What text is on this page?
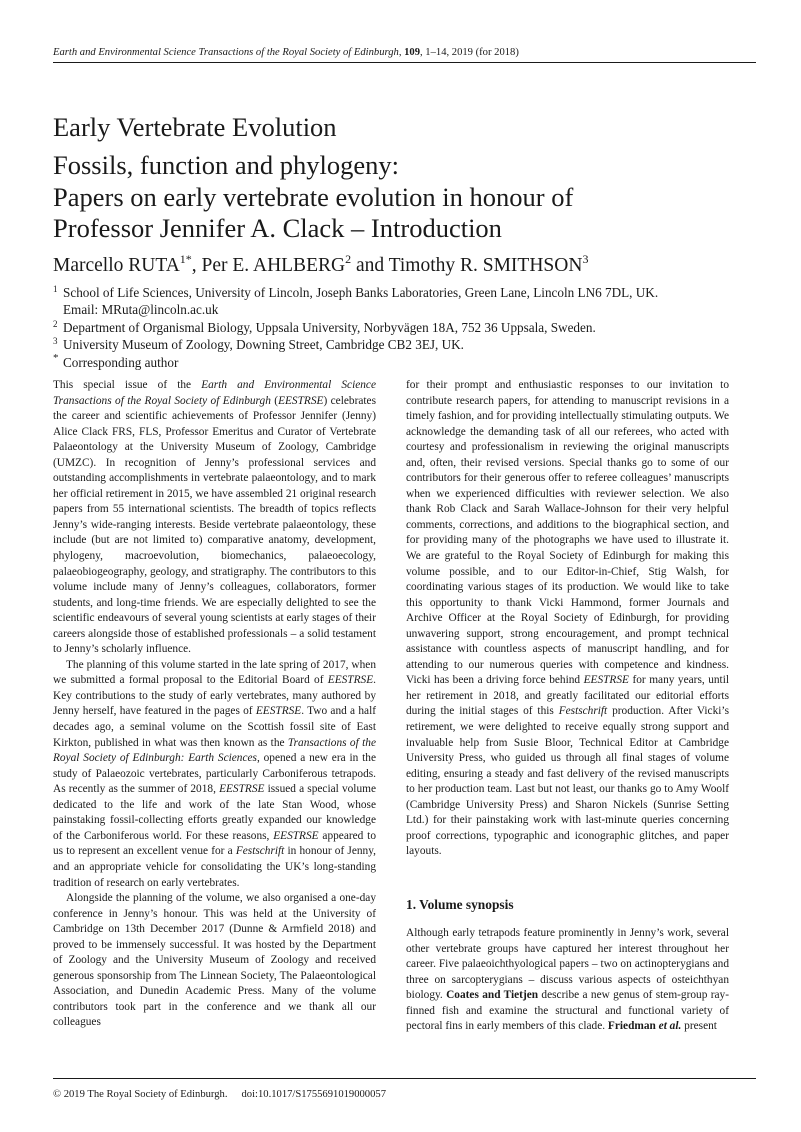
Earth and Environmental Science Transactions of the Royal Society of Edinburgh, 109, 1–14, 2019 (for 2018)
Early Vertebrate Evolution
Fossils, function and phylogeny:
Papers on early vertebrate evolution in honour of
Professor Jennifer A. Clack – Introduction
Marcello $RUTA^{1*}$, Per E. AHLBERG$^2$ and Timothy R. SMITHSON$^3$
1 School of Life Sciences, University of Lincoln, Joseph Banks Laboratories, Green Lane, Lincoln LN6 7DL, UK.
Email: MRuta@lincoln.ac.uk
2 Department of Organismal Biology, Uppsala University, Norbyvägen 18A, 752 36 Uppsala, Sweden.
3 University Museum of Zoology, Downing Street, Cambridge CB2 3EJ, UK.
* Corresponding author

This special issue of the Earth and Environmental Science Transactions of the Royal Society of Edinburgh (EESTRSE) celebrates the career and scientific achievements of Professor Jennifer (Jenny) Alice Clack FRS, FLS, Professor Emeritus and Curator of Vertebrate Palaeontology at the University Museum of Zoology, Cambridge (UMZC). In recognition of Jenny’s professional services and outstanding accomplishments in vertebrate palaeontology, and to mark her official retirement in 2015, we have assembled 21 original research papers from 55 international scientists. The breadth of topics reflects Jenny’s wide-ranging interests. Beside vertebrate palaeontology, these include (but are not limited to) comparative anatomy, development, phylogeny, macroevolution, biomechanics, palaeoecology, palaeobiogeography, geology, and stratigraphy. The contributors to this volume include many of Jenny’s colleagues, collaborators, former students, and long-time friends. We are especially delighted to see the scientific endeavours of several young scientists at early stages of their careers alongside those of established professionals – a solid testament to Jenny’s scholarly influence.

The planning of this volume started in the late spring of 2017, when we submitted a formal proposal to the Editorial Board of EESTRSE. Key contributions to the study of early vertebrates, many authored by Jenny herself, have featured in the pages of EESTRSE. Two and a half decades ago, a seminal volume on the Scottish fossil site of East Kirkton, published in what was then known as the Transactions of the Royal Society of Edinburgh: Earth Sciences, opened a new era in the study of Palaeozoic vertebrates, particularly Carboniferous tetrapods. As recently as the summer of 2018, EESTRSE issued a special volume dedicated to the life and work of the late Stan Wood, whose painstaking fossil-collecting efforts greatly expanded our knowledge of the Carboniferous world. For these reasons, EESTRSE appeared to us to represent an excellent venue for a Festschrift in honour of Jenny, and an appropriate vehicle for consolidating the UK’s long-standing tradition of research on early vertebrates.

Alongside the planning of the volume, we also organised a one-day conference in Jenny’s honour. This was held at the University of Cambridge on 13th December 2017 (Dunne & Armfield 2018) and proved to be immensely successful. It was hosted by the Department of Zoology and the University Museum of Zoology and received generous sponsorship from The Linnean Society, The Palaeontological Association, and Dunedin Academic Press. Many of the volume contributors took part in the conference and we thank all our colleagues

for their prompt and enthusiastic responses to our invitation to contribute research papers, for attending to manuscript revisions in a timely fashion, and for providing intellectually stimulating outputs. We acknowledge the demanding task of all our referees, who acted with courtesy and professionalism in reviewing the original manuscripts and, often, their revised versions. Special thanks go to some of our contributors for their generous offer to referee colleagues’ manuscripts when we experienced difficulties with reviewer selection. We also thank Rob Clack and Sarah Wallace-Johnson for their very helpful comments, corrections, and additions to the biographical section, and for providing many of the photographs we have used to illustrate it. We are grateful to the Royal Society of Edinburgh for making this volume possible, and to our Editor-in-Chief, Stig Walsh, for coordinating various stages of its production. We would like to take this opportunity to thank Vicki Hammond, former Journals and Archive Officer at the Royal Society of Edinburgh, for providing unwavering support, strong encouragement, and prompt technical assistance with countless aspects of manuscript handling, and for attending to our numerous queries with competence and kindness. Vicki has been a driving force behind EESTRSE for many years, until her retirement in 2018, and greatly facilitated our editorial efforts during the initial stages of this Festschrift production. After Vicki’s retirement, we were delighted to receive equally strong support and invaluable help from Susie Bloor, Technical Editor at Cambridge University Press, who guided us through all final stages of volume editing, ensuring a steady and fast delivery of the revised manuscripts to her production team. Last but not least, our thanks go to Amy Woolf (Cambridge University Press) and Sharon Nickels (Sunrise Setting Ltd.) for their painstaking work with last-minute queries concerning proof corrections, typographic and iconographic glitches, and paper layouts.

1. Volume synopsis

Although early tetrapods feature prominently in Jenny’s work, several other vertebrate groups have captured her interest throughout her career. Five palaeoichthyological papers – two on actinopterygians and three on sarcopterygians – discuss various aspects of osteichthyan biology. Coates and Tietjen describe a new genus of stem-group ray-finned fish and examine the structural and functional variety of pectoral fins in early members of this clade. Friedman et al. present

© 2019 The Royal Society of Edinburgh. doi:10.1017/S1755691019000057
